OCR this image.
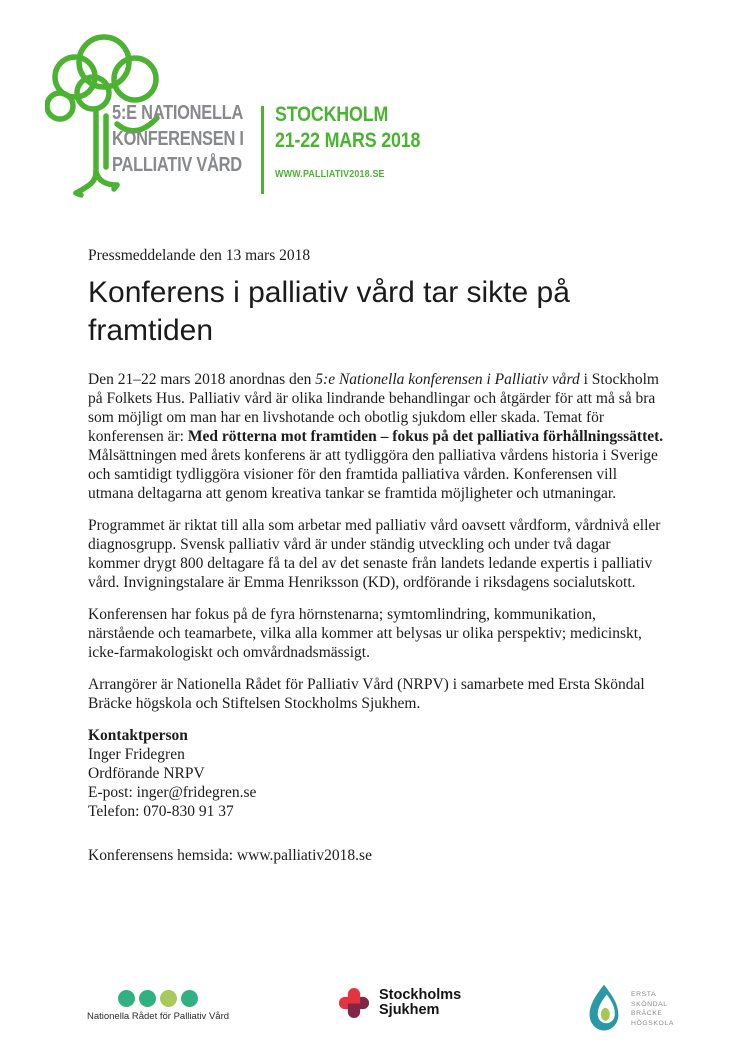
5:E NATIONELLA
KONFERENSEN I
PALLIATIV VÅRD
STOCKHOLM
21-22 MARS 2018
WWW.PALLIATIV2018.SE

Pressmeddelande den 13 mars 2018

Konferens i palliativ vård tar sikte på
framtiden

Den 21–22 mars 2018 anordnas den 5:e Nationella konferensen i Palliativ vård i Stockholm på Folkets Hus. Palliativ vård är olika lindrande behandlingar och åtgärder för att må så bra som möjligt om man har en livshotande och obotlig sjukdom eller skada. Temat för konferensen är: Med rötterna mot framtiden – fokus på det palliativa förhållningssättet. Målsättningen med årets konferens är att tydliggöra den palliativa vårdens historia i Sverige och samtidigt tydliggöra visioner för den framtida palliativa vården. Konferensen vill utmana deltagarna att genom kreativa tankar se framtida möjligheter och utmaningar.

Programmet är riktat till alla som arbetar med palliativ vård oavsett vårdform, vårdnivå eller diagnosgrupp. Svensk palliativ vård är under ständig utveckling och under två dagar kommer drygt 800 deltagare få ta del av det senaste från landets ledande expertis i palliativ vård. Invigningstalare är Emma Henriksson (KD), ordförande i riksdagens socialutskott.

Konferensen har fokus på de fyra hörnstenarna; symtomlindring, kommunikation, närstående och teamarbete, vilka alla kommer att belysas ur olika perspektiv; medicinskt, icke-farmakologiskt och omvårdnadsmässigt.

Arrangörer är Nationella Rådet för Palliativ Vård (NRPV) i samarbete med Ersta Sköndal Bräcke högskola och Stiftelsen Stockholms Sjukhem.

Kontaktperson
Inger Fridegren
Ordförande NRPV
E-post: inger@fridegren.se
Telefon: 070-830 91 37

Konferensens hemsida: www.palliativ2018.se

Nationella Rådet för Palliativ Vård
Stockholms
Sjukhem
ERSTA
SKÖNDAL
BRÄCKE
HÖGSKOLA
